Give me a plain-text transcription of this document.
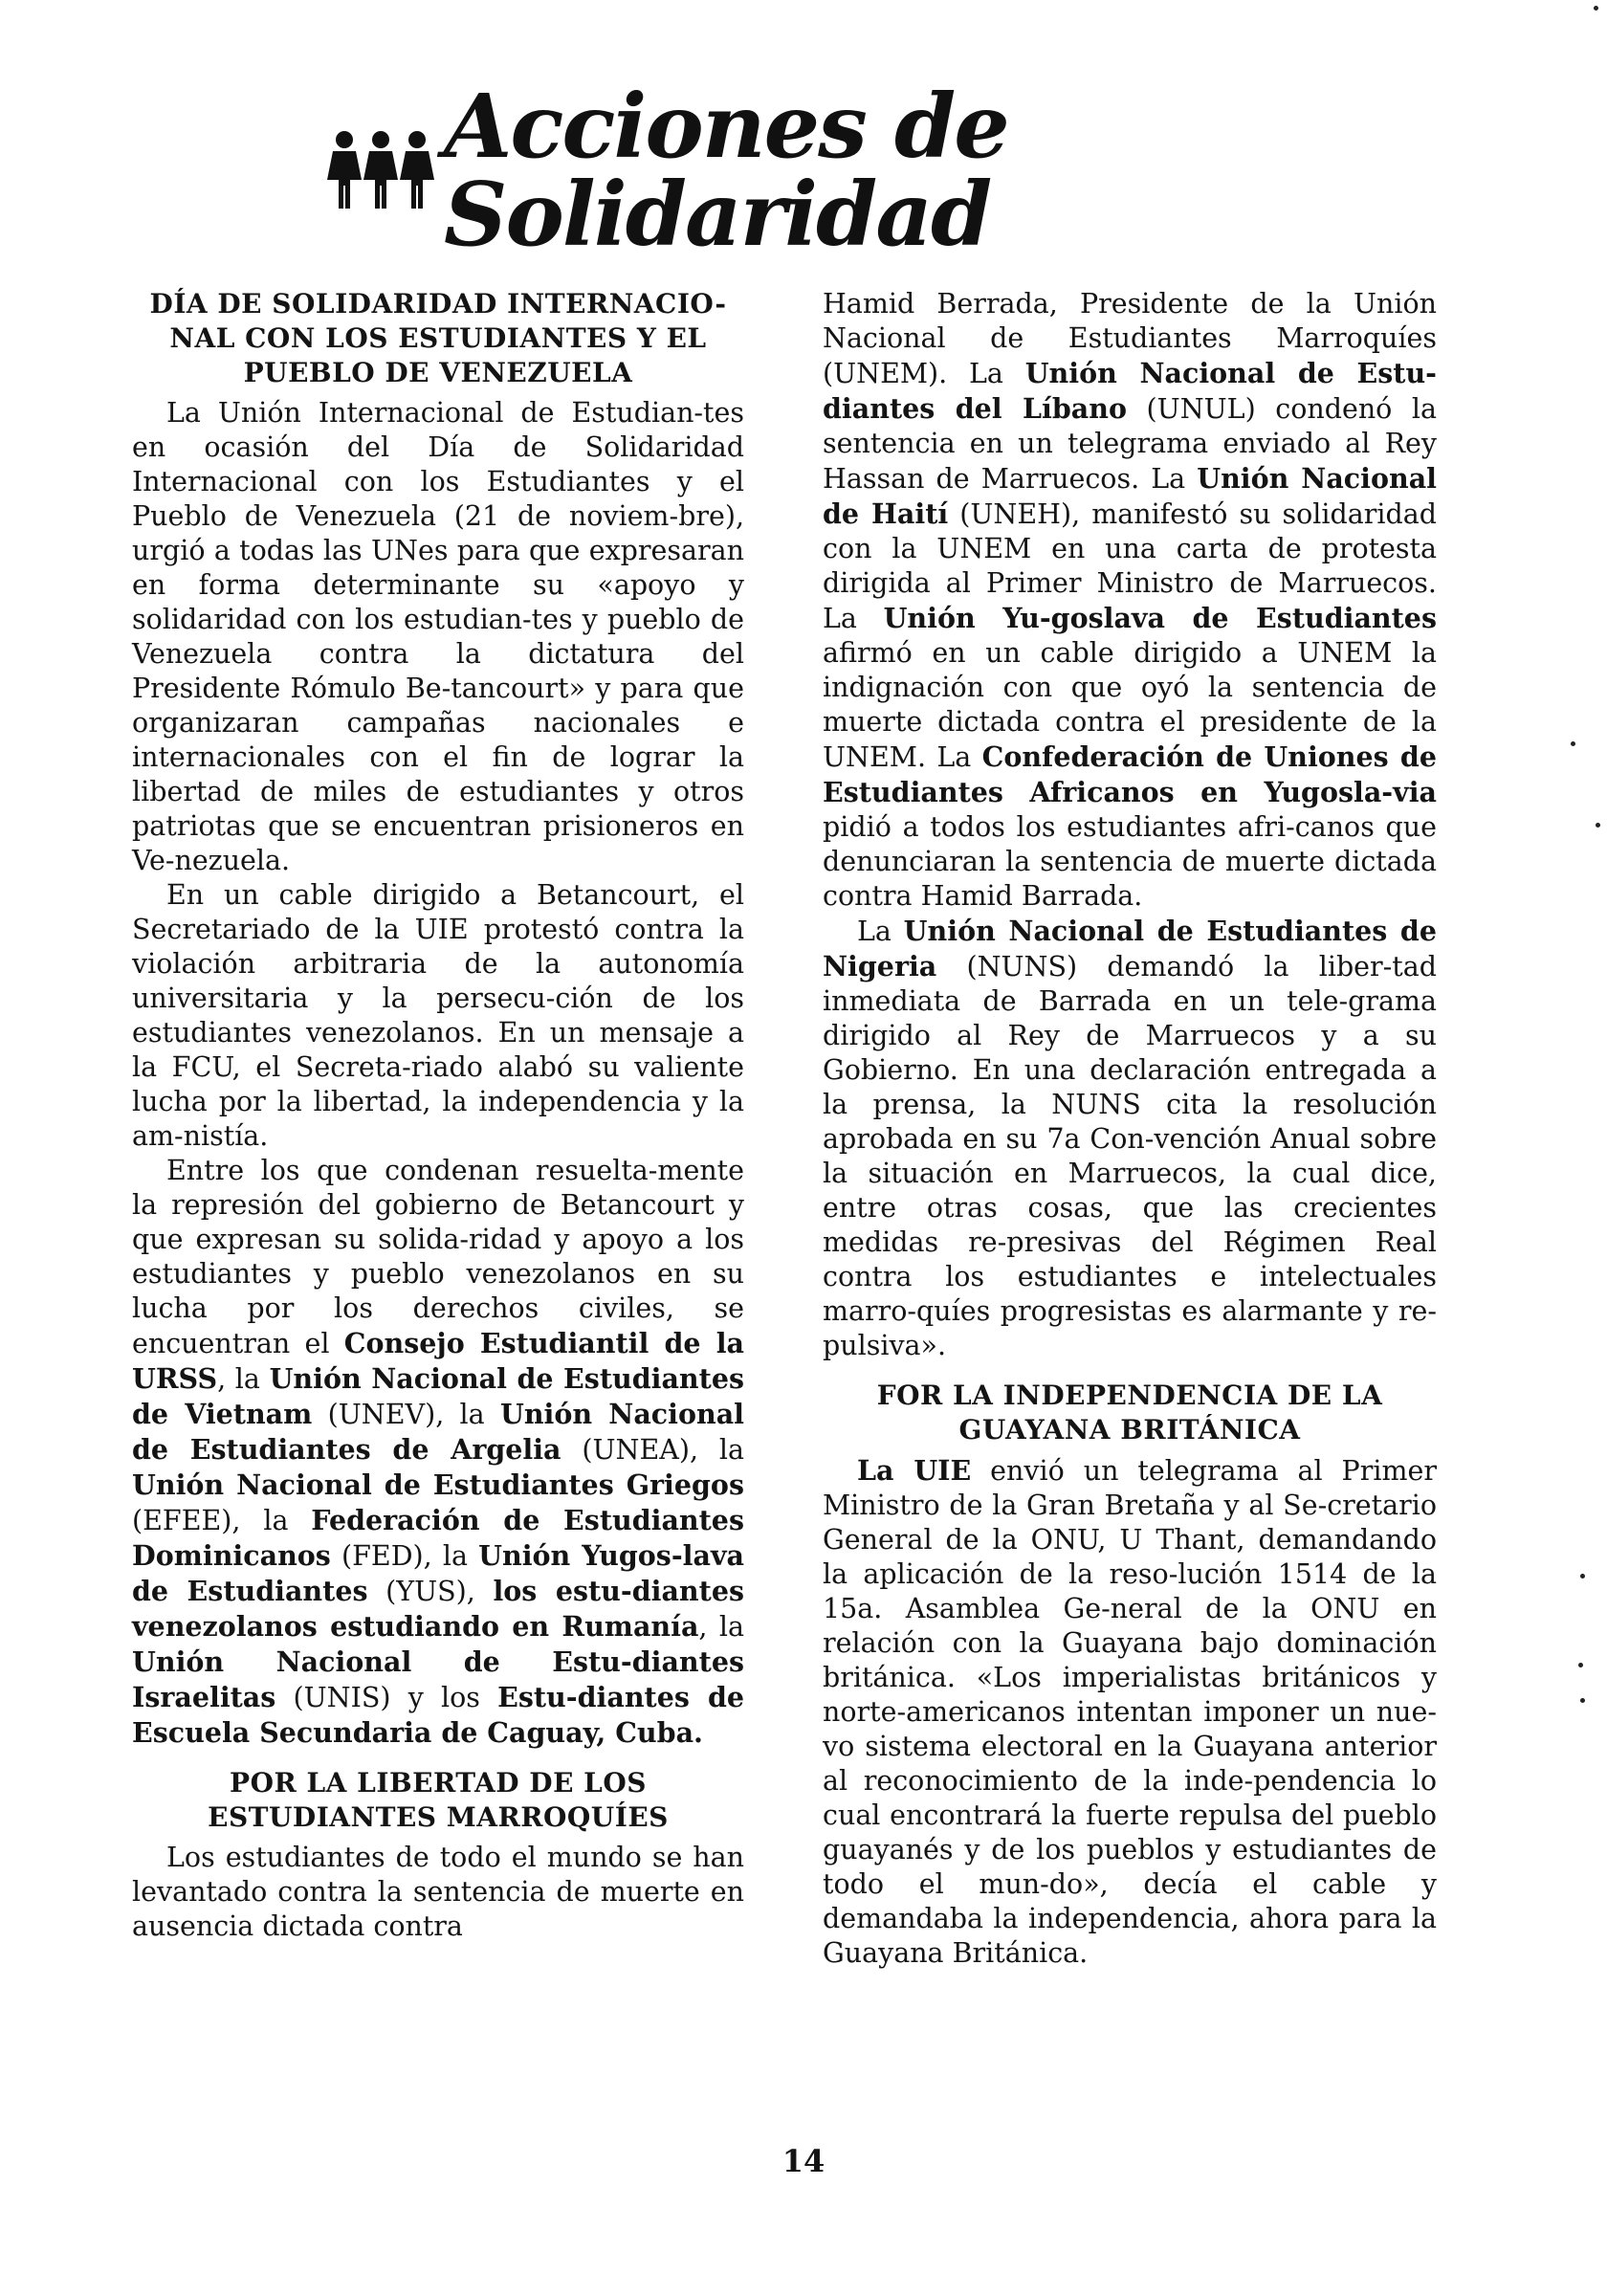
Acciones de Solidaridad
DÍA DE SOLIDARIDAD INTERNACIO-NAL CON LOS ESTUDIANTES Y EL PUEBLO DE VENEZUELA

La Unión Internacional de Estudian-tes en ocasión del Día de Solidaridad Internacional con los Estudiantes y el Pueblo de Venezuela (21 de noviem-bre), urgió a todas las UNes para que expresaran en forma determinante su «apoyo y solidaridad con los estudian-tes y pueblo de Venezuela contra la dictatura del Presidente Rómulo Be-tancourt» y para que organizaran campañas nacionales e internacionales con el fin de lograr la libertad de miles de estudiantes y otros patriotas que se encuentran prisioneros en Ve-nezuela.

En un cable dirigido a Betancourt, el Secretariado de la UIE protestó contra la violación arbitraria de la autonomía universitaria y la persecu-ción de los estudiantes venezolanos. En un mensaje a la FCU, el Secreta-riado alabó su valiente lucha por la libertad, la independencia y la am-nistía.

Entre los que condenan resuelta-mente la represión del gobierno de Betancourt y que expresan su solida-ridad y apoyo a los estudiantes y pueblo venezolanos en su lucha por los derechos civiles, se encuentran el Consejo Estudiantil de la URSS, la Unión Nacional de Estudiantes de Vietnam (UNEV), la Unión Nacional de Estudiantes de Argelia (UNEA), la Unión Nacional de Estudiantes Griegos (EFEE), la Federación de Estudiantes Dominicanos (FED), la Unión Yugos-lava de Estudiantes (YUS), los estu-diantes venezolanos estudiando en Rumanía, la Unión Nacional de Estu-diantes Israelitas (UNIS) y los Estu-diantes de Escuela Secundaria de Caguay, Cuba.

POR LA LIBERTAD DE LOS ESTUDIANTES MARROQUÍES

Los estudiantes de todo el mundo se han levantado contra la sentencia de muerte en ausencia dictada contra

Hamid Berrada, Presidente de la Unión Nacional de Estudiantes Marroquíes (UNEM). La Unión Nacional de Estu-diantes del Líbano (UNUL) condenó la sentencia en un telegrama enviado al Rey Hassan de Marruecos. La Unión Nacional de Haití (UNEH), manifestó su solidaridad con la UNEM en una carta de protesta dirigida al Primer Ministro de Marruecos. La Unión Yu-goslava de Estudiantes afirmó en un cable dirigido a UNEM la indignación con que oyó la sentencia de muerte dictada contra el presidente de la UNEM. La Confederación de Uniones de Estudiantes Africanos en Yugosla-via pidió a todos los estudiantes afri-canos que denunciaran la sentencia de muerte dictada contra Hamid Barrada.

La Unión Nacional de Estudiantes de Nigeria (NUNS) demandó la liber-tad inmediata de Barrada en un tele-grama dirigido al Rey de Marruecos y a su Gobierno. En una declaración entregada a la prensa, la NUNS cita la resolución aprobada en su 7a Con-vención Anual sobre la situación en Marruecos, la cual dice, entre otras cosas, que las crecientes medidas re-presivas del Régimen Real contra los estudiantes e intelectuales marro-quíes progresistas es alarmante y re-pulsiva».

FOR LA INDEPENDENCIA DE LA GUAYANA BRITÁNICA

La UIE envió un telegrama al Primer Ministro de la Gran Bretaña y al Se-cretario General de la ONU, U Thant, demandando la aplicación de la reso-lución 1514 de la 15a. Asamblea Ge-neral de la ONU en relación con la Guayana bajo dominación británica. «Los imperialistas británicos y norte-americanos intentan imponer un nue-vo sistema electoral en la Guayana anterior al reconocimiento de la inde-pendencia lo cual encontrará la fuerte repulsa del pueblo guayanés y de los pueblos y estudiantes de todo el mun-do», decía el cable y demandaba la independencia, ahora para la Guayana Británica.

14
